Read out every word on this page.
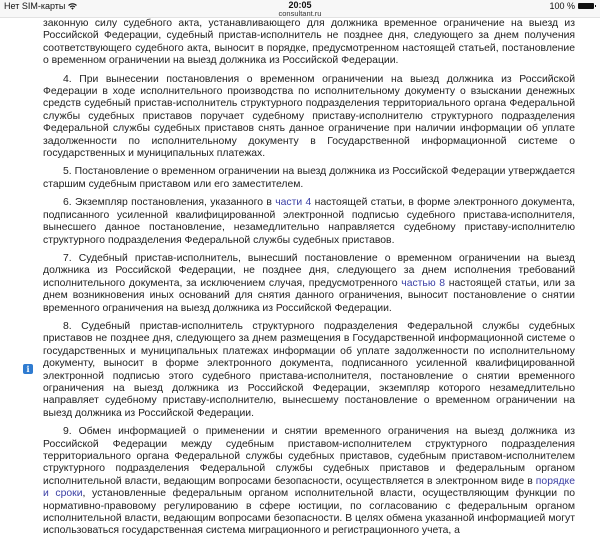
Нет SIM-карты	20:05
consultant.ru
100 %
i

законную силу судебного акта, устанавливающего для должника временное ограничение на выезд из Российской Федерации, судебный пристав-исполнитель не позднее дня, следующего за днем получения соответствующего судебного акта, выносит в порядке, предусмотренном настоящей статьей, постановление о временном ограничении на выезд должника из Российской Федерации.

4. При вынесении постановления о временном ограничении на выезд должника из Российской Федерации в ходе исполнительного производства по исполнительному документу о взыскании денежных средств судебный пристав-исполнитель структурного подразделения территориального органа Федеральной службы судебных приставов поручает судебному приставу-исполнителю структурного подразделения Федеральной службы судебных приставов снять данное ограничение при наличии информации об уплате задолженности по исполнительному документу в Государственной информационной системе о государственных и муниципальных платежах.

5. Постановление о временном ограничении на выезд должника из Российской Федерации утверждается старшим судебным приставом или его заместителем.

6. Экземпляр постановления, указанного в части 4 настоящей статьи, в форме электронного документа, подписанного усиленной квалифицированной электронной подписью судебного пристава-исполнителя, вынесшего данное постановление, незамедлительно направляется судебному приставу-исполнителю структурного подразделения Федеральной службы судебных приставов.

7. Судебный пристав-исполнитель, вынесший постановление о временном ограничении на выезд должника из Российской Федерации, не позднее дня, следующего за днем исполнения требований исполнительного документа, за исключением случая, предусмотренного частью 8 настоящей статьи, или за днем возникновения иных оснований для снятия данного ограничения, выносит постановление о снятии временного ограничения на выезд должника из Российской Федерации.

8. Судебный пристав-исполнитель структурного подразделения Федеральной службы судебных приставов не позднее дня, следующего за днем размещения в Государственной информационной системе о государственных и муниципальных платежах информации об уплате задолженности по исполнительному документу, выносит в форме электронного документа, подписанного усиленной квалифицированной электронной подписью этого судебного пристава-исполнителя, постановление о снятии временного ограничения на выезд должника из Российской Федерации, экземпляр которого незамедлительно направляет судебному приставу-исполнителю, вынесшему постановление о временном ограничении на выезд должника из Российской Федерации.

9. Обмен информацией о применении и снятии временного ограничения на выезд должника из Российской Федерации между судебным приставом-исполнителем структурного подразделения территориального органа Федеральной службы судебных приставов, судебным приставом-исполнителем структурного подразделения Федеральной службы судебных приставов и федеральным органом исполнительной власти, ведающим вопросами безопасности, осуществляется в электронном виде в порядке и сроки, установленные федеральным органом исполнительной власти, осуществляющим функции по нормативно-правовому регулированию в сфере юстиции, по согласованию с федеральным органом исполнительной власти, ведающим вопросами безопасности. В целях обмена указанной информацией могут использоваться государственная система миграционного и регистрационного учета, а
